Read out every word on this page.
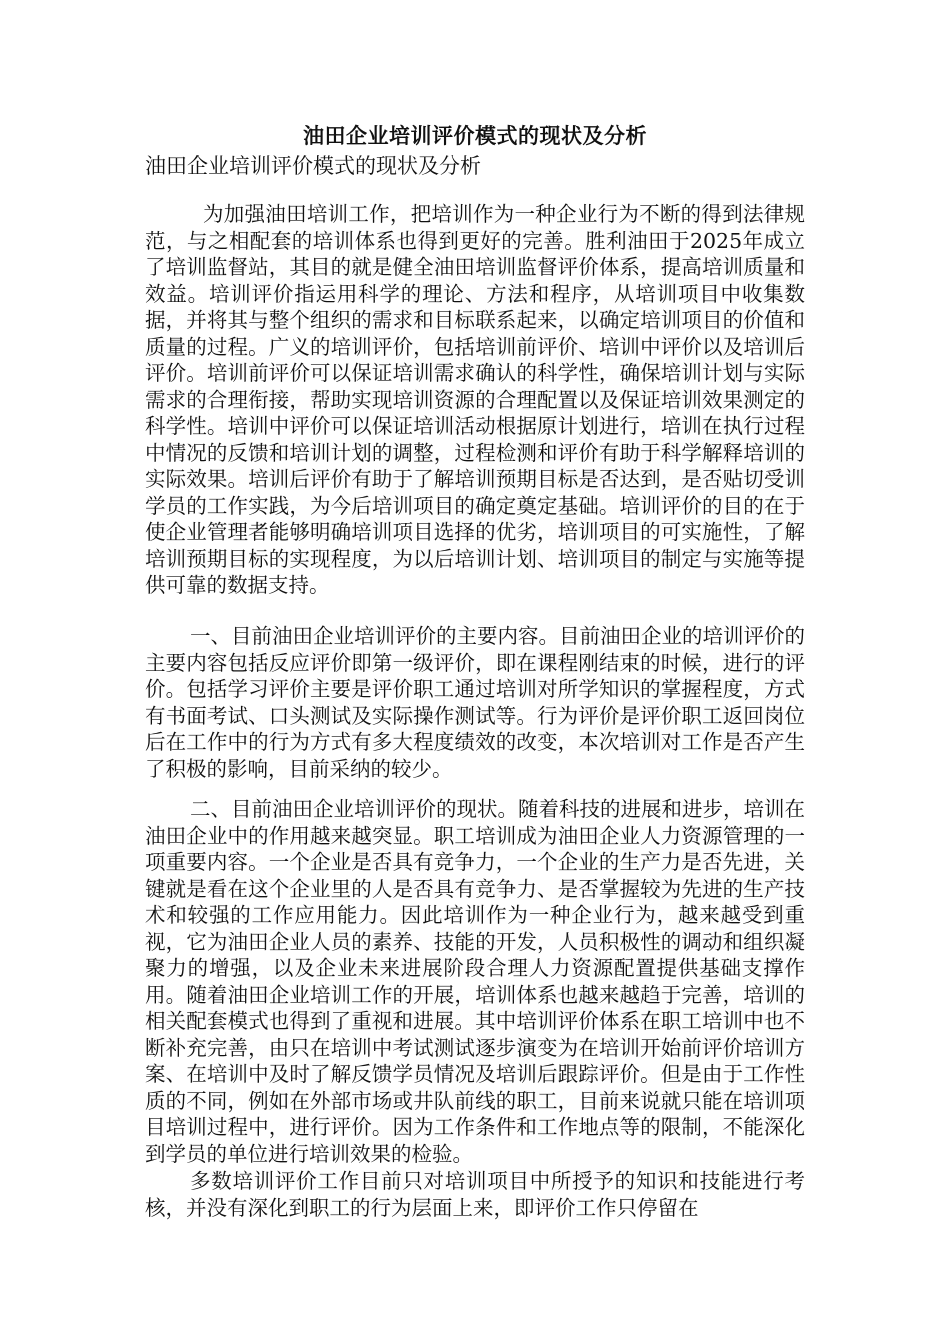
油田企业培训评价模式的现状及分析
油田企业培训评价模式的现状及分析
为加强油田培训工作，把培训作为一种企业行为不断的得到法律规范，与之相配套的培训体系也得到更好的完善。胜利油田于2025年成立了培训监督站，其目的就是健全油田培训监督评价体系，提高培训质量和效益。培训评价指运用科学的理论、方法和程序，从培训项目中收集数据，并将其与整个组织的需求和目标联系起来，以确定培训项目的价值和质量的过程。广义的培训评价，包括培训前评价、培训中评价以及培训后评价。培训前评价可以保证培训需求确认的科学性，确保培训计划与实际需求的合理衔接，帮助实现培训资源的合理配置以及保证培训效果测定的科学性。培训中评价可以保证培训活动根据原计划进行，培训在执行过程中情况的反馈和培训计划的调整，过程检测和评价有助于科学解释培训的实际效果。培训后评价有助于了解培训预期目标是否达到，是否贴切受训学员的工作实践，为今后培训项目的确定奠定基础。培训评价的目的在于使企业管理者能够明确培训项目选择的优劣，培训项目的可实施性，了解培训预期目标的实现程度，为以后培训计划、培训项目的制定与实施等提供可靠的数据支持。
一、目前油田企业培训评价的主要内容。目前油田企业的培训评价的主要内容包括反应评价即第一级评价，即在课程刚结束的时候，进行的评价。包括学习评价主要是评价职工通过培训对所学知识的掌握程度，方式有书面考试、口头测试及实际操作测试等。行为评价是评价职工返回岗位后在工作中的行为方式有多大程度绩效的改变，本次培训对工作是否产生了积极的影响，目前采纳的较少。
二、目前油田企业培训评价的现状。随着科技的进展和进步，培训在油田企业中的作用越来越突显。职工培训成为油田企业人力资源管理的一项重要内容。一个企业是否具有竞争力，一个企业的生产力是否先进，关键就是看在这个企业里的人是否具有竞争力、是否掌握较为先进的生产技术和较强的工作应用能力。因此培训作为一种企业行为，越来越受到重视，它为油田企业人员的素养、技能的开发，人员积极性的调动和组织凝聚力的增强，以及企业未来进展阶段合理人力资源配置提供基础支撑作用。随着油田企业培训工作的开展，培训体系也越来越趋于完善，培训的相关配套模式也得到了重视和进展。其中培训评价体系在职工培训中也不断补充完善，由只在培训中考试测试逐步演变为在培训开始前评价培训方案、在培训中及时了解反馈学员情况及培训后跟踪评价。但是由于工作性质的不同，例如在外部市场或井队前线的职工，目前来说就只能在培训项目培训过程中，进行评价。因为工作条件和工作地点等的限制，不能深化到学员的单位进行培训效果的检验。
多数培训评价工作目前只对培训项目中所授予的知识和技能进行考核，并没有深化到职工的行为层面上来，即评价工作只停留在
